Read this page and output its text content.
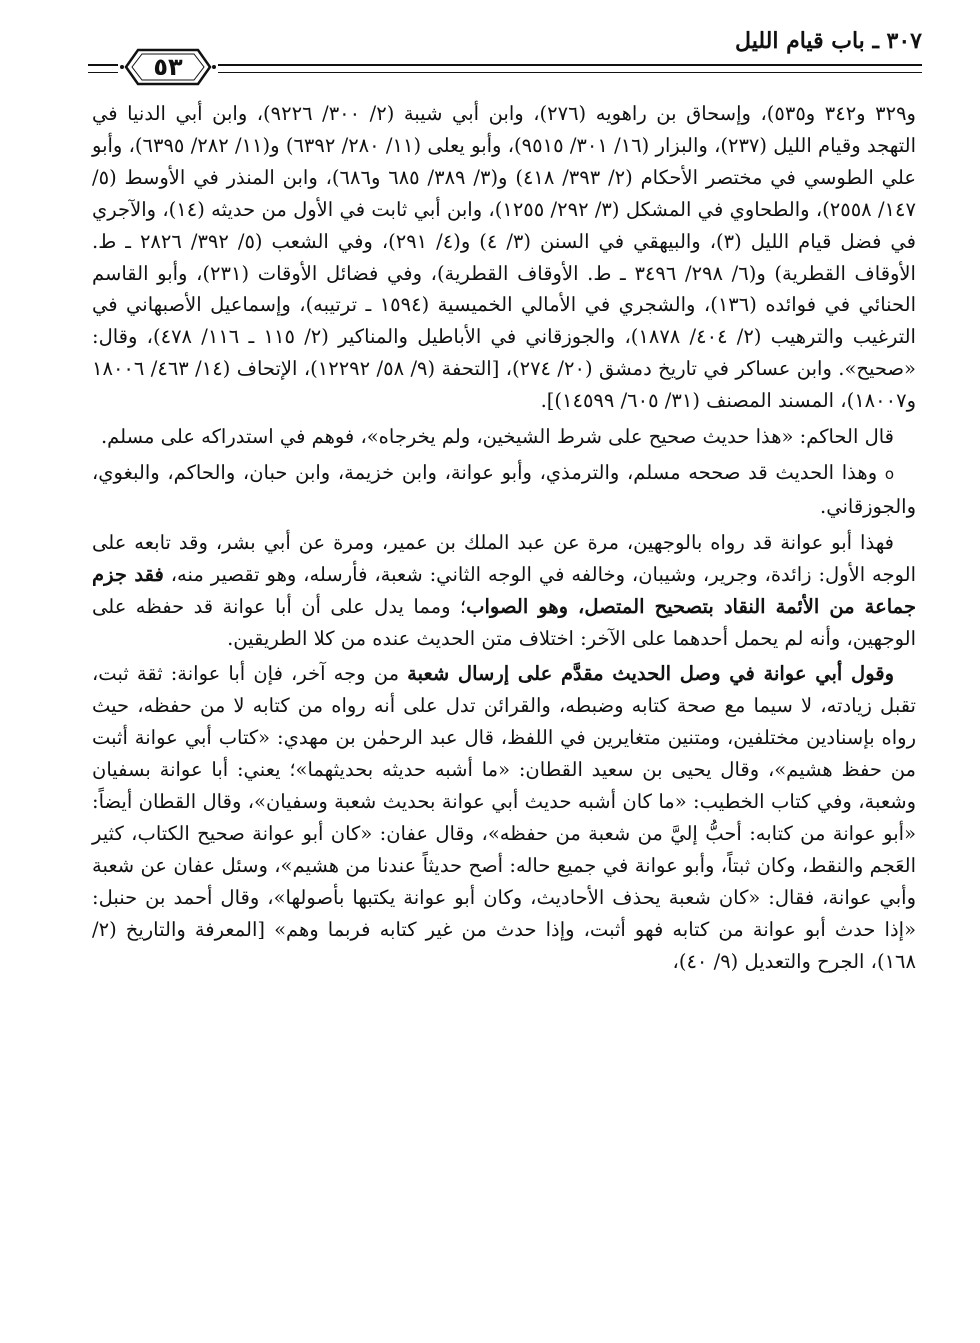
٣٠٧ ـ باب قيام الليل
٥٣

و٣٢٩ و٣٤٢ و٥٣٥)، وإسحاق بن راهويه (٢٧٦)، وابن أبي شيبة (٢/ ٣٠٠/ ٩٢٢٦)، وابن أبي الدنيا في التهجد وقيام الليل (٢٣٧)، والبزار (١٦/ ٣٠١/ ٩٥١٥)، وأبو يعلى (١١/ ٢٨٠/ ٦٣٩٢) و(١١/ ٢٨٢/ ٦٣٩٥)، وأبو علي الطوسي في مختصر الأحكام (٢/ ٣٩٣/ ٤١٨) و(٣/ ٣٨٩/ ٦٨٥ و٦٨٦)، وابن المنذر في الأوسط (٥/ ١٤٧/ ٢٥٥٨)، والطحاوي في المشكل (٣/ ٢٩٢/ ١٢٥٥)، وابن أبي ثابت في الأول من حديثه (١٤)، والآجري في فضل قيام الليل (٣)، والبيهقي في السنن (٣/ ٤) و(٤/ ٢٩١)، وفي الشعب (٥/ ٣٩٢/ ٢٨٢٦ ـ ط. الأوقاف القطرية) و(٦/ ٢٩٨/ ٣٤٩٦ ـ ط. الأوقاف القطرية)، وفي فضائل الأوقات (٢٣١)، وأبو القاسم الحنائي في فوائده (١٣٦)، والشجري في الأمالي الخميسية (١٥٩٤ ـ ترتيبه)، وإسماعيل الأصبهاني في الترغيب والترهيب (٢/ ٤٠٤/ ١٨٧٨)، والجوزقاني في الأباطيل والمناكير (٢/ ١١٥ ـ ١١٦/ ٤٧٨)، وقال: «صحيح». وابن عساكر في تاريخ دمشق (٢٠/ ٢٧٤)، [التحفة (٩/ ٥٨/ ١٢٢٩٢)، الإتحاف (١٤/ ٤٦٣/ ١٨٠٠٦ و١٨٠٠٧)، المسند المصنف (٣١/ ٦٠٥/ ١٤٥٩٩)].

قال الحاكم: «هذا حديث صحيح على شرط الشيخين، ولم يخرجاه»، فوهم في استدراكه على مسلم.

o وهذا الحديث قد صححه مسلم، والترمذي، وأبو عوانة، وابن خزيمة، وابن حبان، والحاكم، والبغوي، والجوزقاني.

فهذا أبو عوانة قد رواه بالوجهين، مرة عن عبد الملك بن عمير، ومرة عن أبي بشر، وقد تابعه على الوجه الأول: زائدة، وجرير، وشيبان، وخالفه في الوجه الثاني: شعبة، فأرسله، وهو تقصير منه، فقد جزم جماعة من الأئمة النقاد بتصحيح المتصل، وهو الصواب؛ ومما يدل على أن أبا عوانة قد حفظه على الوجهين، وأنه لم يحمل أحدهما على الآخر: اختلاف متن الحديث عنده من كلا الطريقين.

وقول أبي عوانة في وصل الحديث مقدَّم على إرسال شعبة من وجه آخر، فإن أبا عوانة: ثقة ثبت، تقبل زيادته، لا سيما مع صحة كتابه وضبطه، والقرائن تدل على أنه رواه من كتابه لا من حفظه، حيث رواه بإسنادين مختلفين، ومتنين متغايرين في اللفظ، قال عبد الرحمٰن بن مهدي: «كتاب أبي عوانة أثبت من حفظ هشيم»، وقال يحيى بن سعيد القطان: «ما أشبه حديثه بحديثهما»؛ يعني: أبا عوانة بسفيان وشعبة، وفي كتاب الخطيب: «ما كان أشبه حديث أبي عوانة بحديث شعبة وسفيان»، وقال القطان أيضاً: «أبو عوانة من كتابه: أحبُّ إليَّ من شعبة من حفظه»، وقال عفان: «كان أبو عوانة صحيح الكتاب، كثير العَجم والنقط، وكان ثبتاً، وأبو عوانة في جميع حاله: أصح حديثاً عندنا من هشيم»، وسئل عفان عن شعبة وأبي عوانة، فقال: «كان شعبة يحذف الأحاديث، وكان أبو عوانة يكتبها بأصولها»، وقال أحمد بن حنبل: «إذا حدث أبو عوانة من كتابه فهو أثبت، وإذا حدث من غير كتابه فربما وهم» [المعرفة والتاريخ (٢/ ١٦٨)، الجرح والتعديل (٩/ ٤٠)،
